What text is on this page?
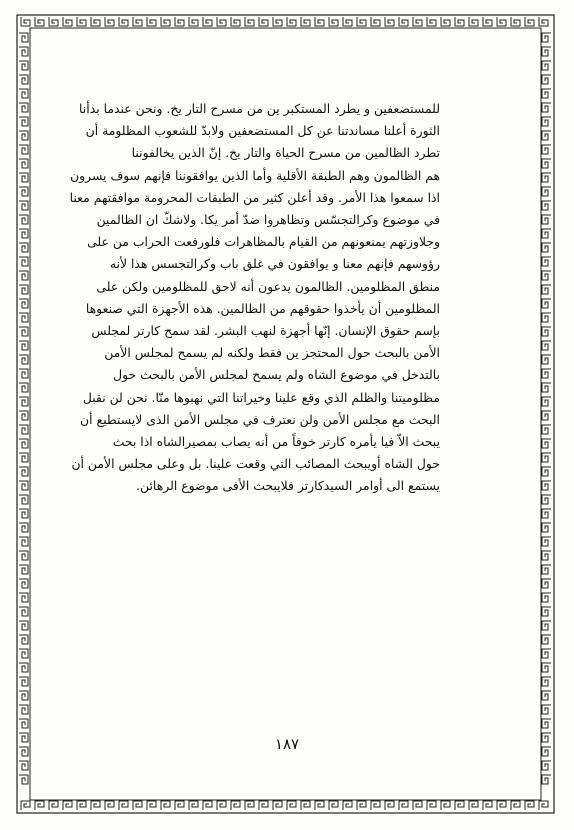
للمستضعفين و يطرد المستكبر ين من مسرح التار يخ. ونحن عندما بدأنا
الثورة أعلنا مساندتنا عن كل المستضعفين ولابدّ للشعوب المظلومة أن
تطرد الظالمين من مسرح الحياة والتار يخ. إنّ الذين يخالفوننا
هم الظالمون وهم الطبقة الأقلية وأما الذين يوافقوننا فإنهم سوف يسرون
اذا سمعوا هذا الأمر. وقد أعلن كثير من الطبقات المحرومة موافقتهم معنا
في موضوع وكرالتجسّس وتظاهروا ضدّ أمر يكا. ولاشكّ ان الظالمين
وجلاوزتهم يمنعونهم من القيام بالمظاهرات فلورفعت الحراب من على
رؤوسهم فإنهم معنا و يوافقون في غلق باب وكرالتجسس هذا لأنه
منطق المظلومين. الظالمون يدعون أنه لاحق للمظلومين ولكن على
المظلومين أن يأخذوا حقوقهم من الظالمين. هذه الأجهزة التي صنعوها
بإسم حقوق الإنسان. إنّها أجهزة لنهب البشر. لقد سمح كارتر لمجلس
الأمن بالبحث حول المحتجز ين فقط ولكنه لم يسمح لمجلس الأمن
بالتدخل في موضوع الشاه ولم يسمح لمجلس الأمن بالبحث حول
مظلوميتنا والظلم الذي وقع علينا وخيراتنا التي نهبوها منّا. نحن لن نقبل
البحث مع مجلس الأمن ولن نعترف في مجلس الأمن الذى لايستطيع أن
يبحث الاّ فيا يأمره كارتر خوفاً من أنه يصاب بمصيرالشاه اذا بحث
حول الشاه أويبحث المصائب التي وقعت علينا. بل وعلى مجلس الأمن أن
يستمع الى أوامر السيدكارتر فلايبحث الأفى موضوع الرهائن.
١٨٧
